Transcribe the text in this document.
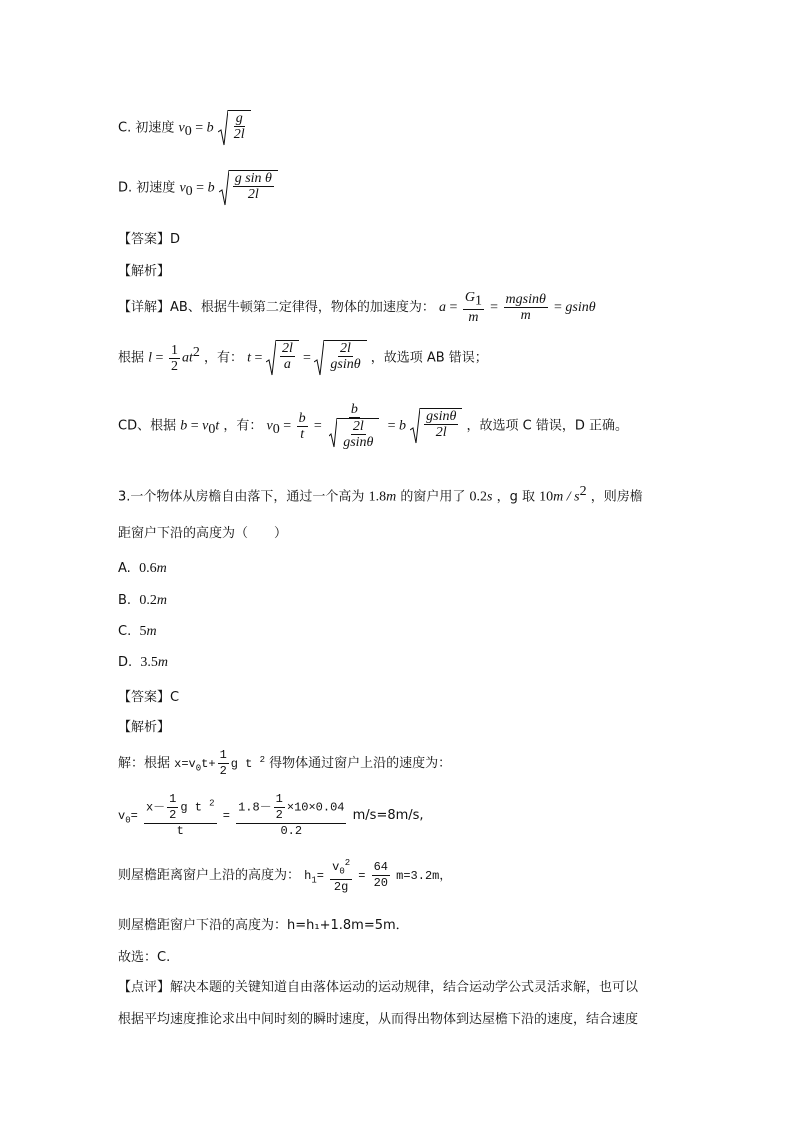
C. 初速度 $v_0 = b \frac{g}{2l}$
D. 初速度 $v_0 = b \frac{\text{g sin θ}}{2l}$
【答案】D
【解析】
【详解】AB、根据牛顿第二定律得，物体的加速度为： $a = \frac{G_1}{m} = \frac{mgsin\theta}{m} = gsin\theta$
根据 $l = \frac{1}{2} at^2$ ，有： $t = \frac{2l}{a} = \frac{2l}{gsin\theta}$ ，故选项 AB 错误；
CD、根据 $b = v_0t$ ，有： $v_0 = \frac{b}{t} = \frac{b}{\frac{2l}{gsin\theta}} = b \frac{gsin\theta}{2l}$ ，故选项 C 错误，D 正确。
3.一个物体从房檐自由落下，通过一个高为 1.8m 的窗户用了 0.2s ，g 取 $10m / s^2$ ，则房檐
距窗户下沿的高度为（　　）
A. 0.6m
B. 0.2m
C. 5m
D. 3.5m
【答案】C
【解析】
解：根据 $x=v_0t+ \frac{1}{2}$ g t $^2$ 得物体通过窗户上沿的速度为：
$v_0= \frac{x- \frac{1}{2} g t ^2}{t} = \frac{1.8- \frac{1}{2} \times 10\times 0.04}{0.2} m/s=8m/s$,
则屋檐距离窗户上沿的高度为： $h_1= \frac{v_0^2}{2g} = \frac{64}{20} m=3.2m$，
则屋檐距窗户下沿的高度为：h=h₁+1.8m=5m．
故选：C.
【点评】解决本题的关键知道自由落体运动的运动规律，结合运动学公式灵活求解，也可以
根据平均速度推论求出中间时刻的瞬时速度，从而得出物体到达屋檐下沿的速度，结合速度
